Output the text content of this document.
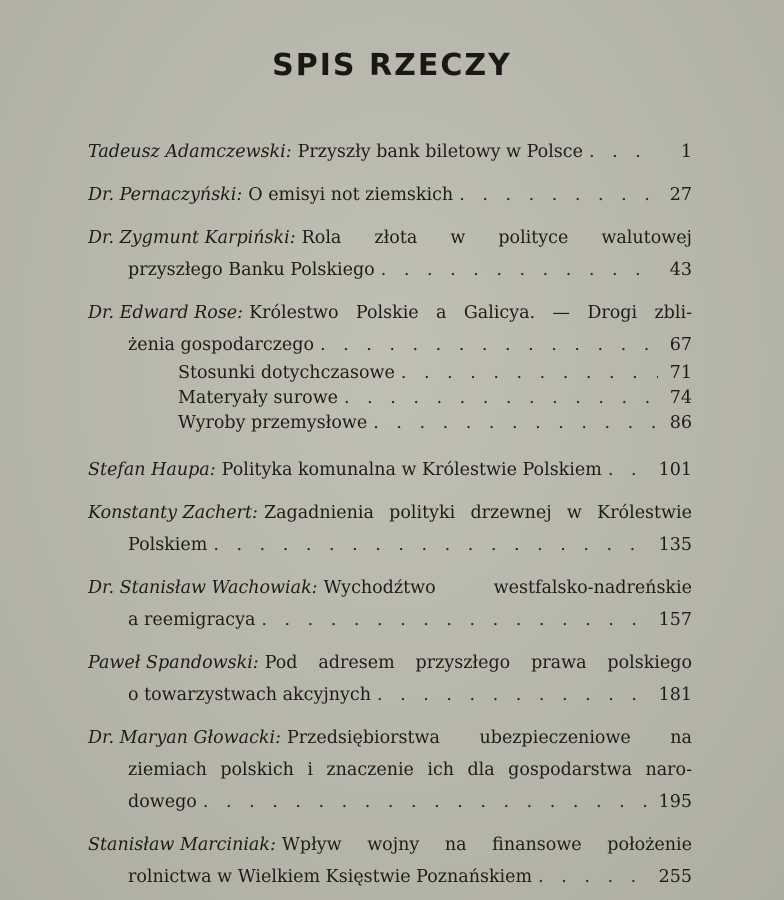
SPIS RZECZY
Tadeusz Adamczewski: Przyszły bank biletowy w Polsce . . .	1
Dr. Pernaczyński: O emisyi not ziemskich . . .	27
Dr. Zygmunt Karpiński: Rola złota w polityce walutowej
przyszłego Banku Polskiego . . .	43
Dr. Edward Rose: Królestwo Polskie a Galicya. — Drogi zbli-
żenia gospodarczego . . .	67
Stosunki dotychczasowe . . .	71
Materyały surowe . . .	74
Wyroby przemysłowe . . .	86
Stefan Haupa: Polityka komunalna w Królestwie Polskiem . . .	101
Konstanty Zachert: Zagadnienia polityki drzewnej w Królestwie
Polskiem . . .	135
Dr. Stanisław Wachowiak: Wychodźtwo westfalsko-nadreńskie
a reemigracya . . .	157
Paweł Spandowski: Pod adresem przyszłego prawa polskiego
o towarzystwach akcyjnych . . .	181
Dr. Maryan Głowacki: Przedsiębiorstwa ubezpieczeniowe na
ziemiach polskich i znaczenie ich dla gospodarstwa naro-
dowego . . .	195
Stanisław Marciniak: Wpływ wojny na finansowe położenie
rolnictwa w Wielkiem Księstwie Poznańskiem . . .	255
